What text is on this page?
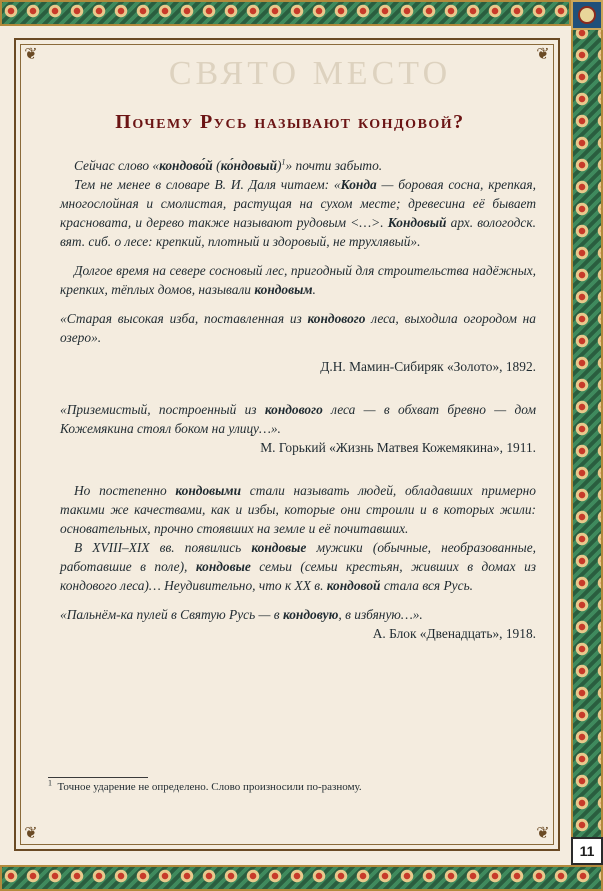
11
❦	❦
❦	❦
СВЯТО МЕСТО
Почему Русь называют кондовой?

Сейчас слово «кондово́й (ко́ндовый)$^1$» почти забыто.

Тем не менее в словаре В. И. Даля читаем: «Конда — боровая сосна, крепкая, многослойная и смолистая, растущая на сухом месте; древесина её бывает красновата, и дерево также называют рудовым <…>. Кондовый арх. вологодск. вят. сиб. о лесе: крепкий, плотный и здоровый, не трухлявый».

Долгое время на севере сосновый лес, пригодный для строительства надёжных, крепких, тёплых домов, называли кондовым.

«Старая высокая изба, поставленная из кондового леса, выходила огородом на озеро».

Д.Н. Мамин-Сибиряк «Золото», 1892.

«Приземистый, построенный из кондового леса — в обхват бревно — дом Кожемякина стоял боком на улицу…».

М. Горький «Жизнь Матвея Кожемякина», 1911.

Но постепенно кондовыми стали называть людей, обладавших примерно такими же качествами, как и избы, которые они строили и в которых жили: основательных, прочно стоявших на земле и её почитавших.

В XVIII–XIX вв. появились кондовые мужики (обычные, необразованные, работавшие в поле), кондовые семьи (семьи крестьян, живших в домах из кондового леса)… Неудивительно, что к XX в. кондовой стала вся Русь.

«Пальнём-ка пулей в Святую Русь — в кондовую, в избяную…».

А. Блок «Двенадцать», 1918.

$^1$ Точное ударение не определено. Слово произносили по-разному.
